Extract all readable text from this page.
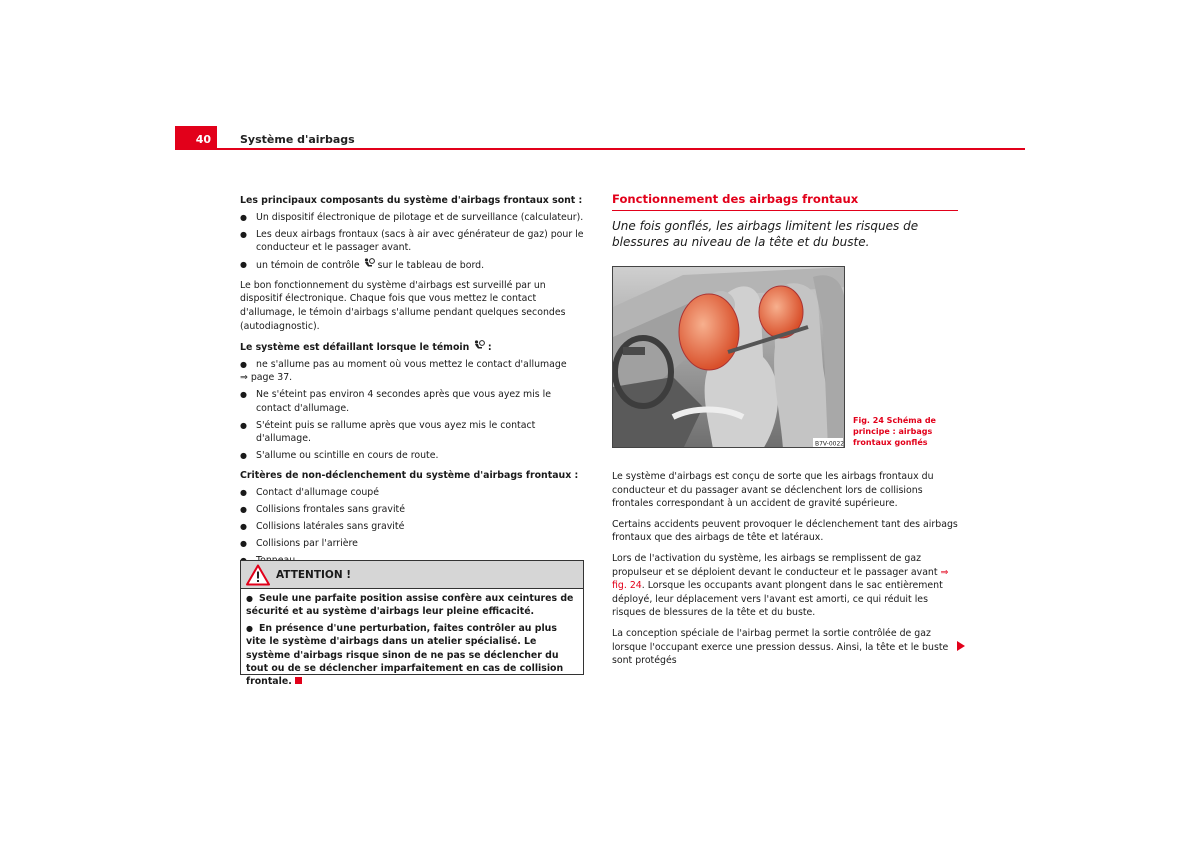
40	Système d'airbags

Les principaux composants du système d'airbags frontaux sont :

● Un dispositif électronique de pilotage et de surveillance (calculateur).
● Les deux airbags frontaux (sacs à air avec générateur de gaz) pour le conducteur et le passager avant.
● un témoin de contrôle sur le tableau de bord.

Le bon fonctionnement du système d'airbags est surveillé par un dispositif électronique. Chaque fois que vous mettez le contact d'allumage, le témoin d'airbags s'allume pendant quelques secondes (autodiagnostic).

Le système est défaillant lorsque le témoin :

● ne s'allume pas au moment où vous mettez le contact d'allumage
⇒ page 37.
● Ne s'éteint pas environ 4 secondes après que vous ayez mis le contact d'allumage.
● S'éteint puis se rallume après que vous ayez mis le contact d'allumage.
● S'allume ou scintille en cours de route.

Critères de non-déclenchement du système d'airbags frontaux :

● Contact d'allumage coupé
● Collisions frontales sans gravité
● Collisions latérales sans gravité
● Collisions par l'arrière
ATTENTION !
● Seule une parfaite position assise confère aux ceintures de sécurité et au système d'airbags leur pleine efficacité.
● En présence d'une perturbation, faites contrôler au plus vite le système d'airbags dans un atelier spécialisé. Le système d'airbags risque sinon de ne pas se déclencher du tout ou de se déclencher imparfaitement en cas de collision frontale.
Fonctionnement des airbags frontaux
Une fois gonflés, les airbags limitent les risques de blessures au niveau de la tête et du buste.
B7V-0022
Fig. 24 Schéma de principe : airbags frontaux gonflés

Le système d'airbags est conçu de sorte que les airbags frontaux du conducteur et du passager avant se déclenchent lors de collisions frontales correspondant à un accident de gravité supérieure.

Certains accidents peuvent provoquer le déclenchement tant des airbags frontaux que des airbags de tête et latéraux.

Lors de l'activation du système, les airbags se remplissent de gaz propulseur et se déploient devant le conducteur et le passager avant ⇒ fig. 24. Lorsque les occupants avant plongent dans le sac entièrement déployé, leur déplacement vers l'avant est amorti, ce qui réduit les risques de blessures de la tête et du buste.

La conception spéciale de l'airbag permet la sortie contrôlée de gaz lorsque l'occupant exerce une pression dessus. Ainsi, la tête et le buste sont protégés
